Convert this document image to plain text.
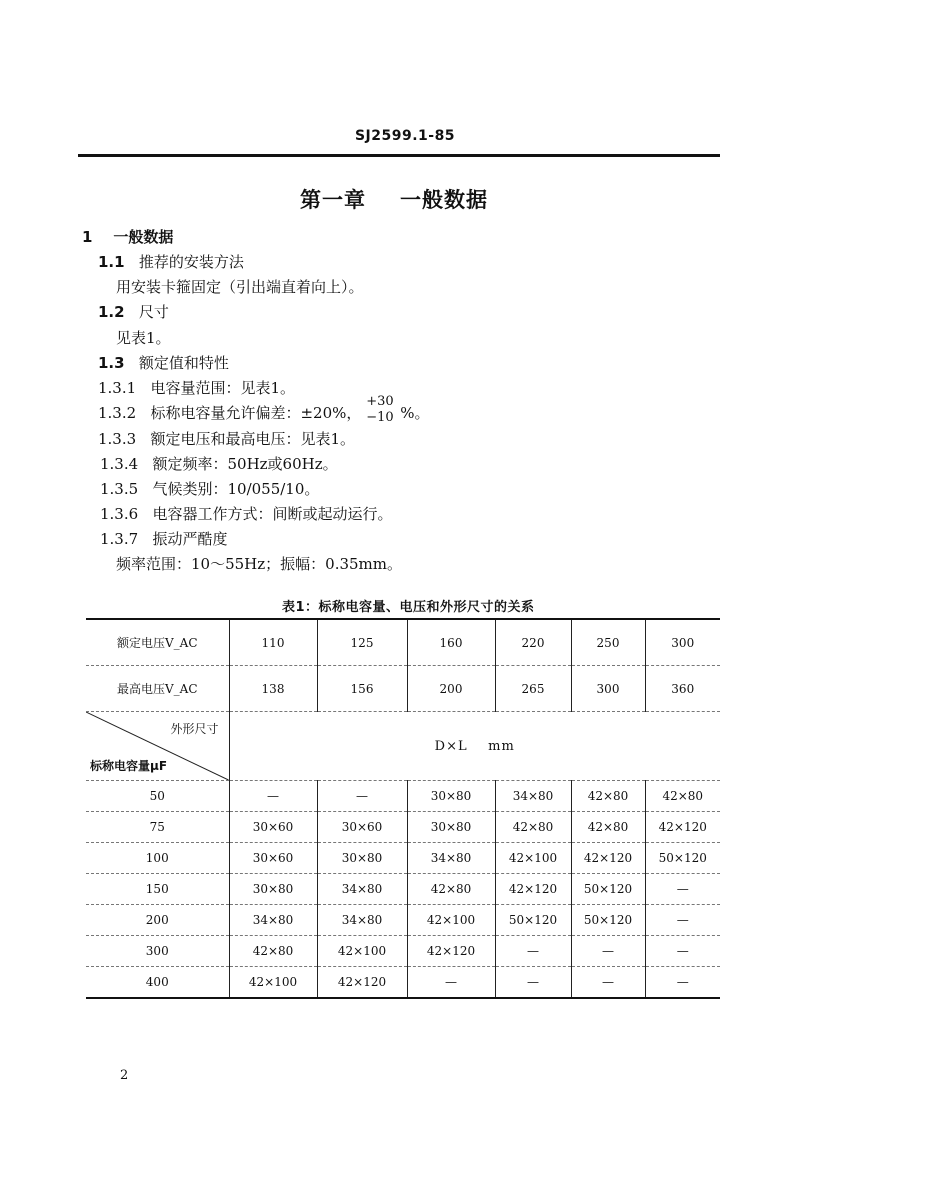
SJ2599.1-85
第一章 一般数据
1 一般数据
1.1 推荐的安装方法
用安装卡箍固定（引出端直着向上）。
1.2 尺寸
见表1。
1.3 额定值和特性
1.3.1 电容量范围：见表1。
1.3.2 标称电容量允许偏差：±20%，
+30
−10 %。
1.3.3 额定电压和最高电压：见表1。
1.3.4 额定频率：50Hz或60Hz。
1.3.5 气候类别：10/055/10。
1.3.6 电容器工作方式：间断或起动运行。
1.3.7 振动严酷度
频率范围：10～55Hz；振幅：0.35mm。
表1：标称电容量、电压和外形尺寸的关系
额定电压V_AC	110	125	160	220	250	300
最高电压V_AC	138	156	200	265	300	360

外形尺寸
标称电容量μF	D×L    mm					
50	—	—	30×80	34×80	42×80	42×80
75	30×60	30×60	30×80	42×80	42×80	42×120
100	30×60	30×80	34×80	42×100	42×120	50×120
150	30×80	34×80	42×80	42×120	50×120	—
200	34×80	34×80	42×100	50×120	50×120	—
300	42×80	42×100	42×120	—	—	—
400	42×100	42×120	—	—	—	—
2
